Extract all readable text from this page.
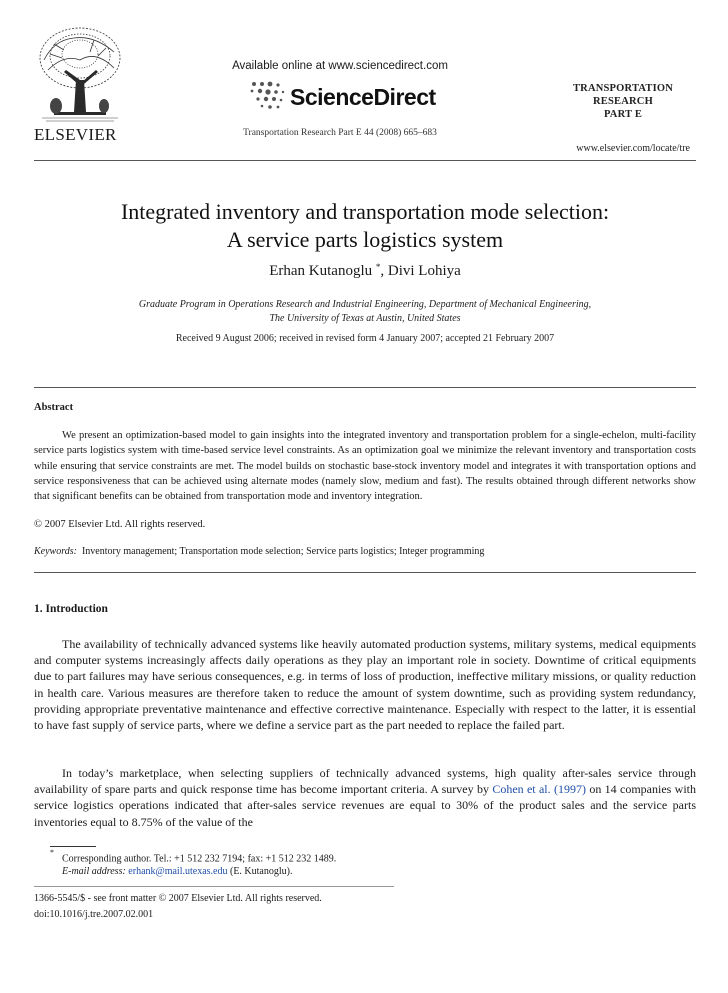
ELSEVIER
Available online at www.sciencedirect.com
ScienceDirect
Transportation Research Part E 44 (2008) 665–683
TRANSPORTATION
RESEARCH
PART E
www.elsevier.com/locate/tre
Integrated inventory and transportation mode selection:
A service parts logistics system
Erhan Kutanoglu *, Divi Lohiya
Graduate Program in Operations Research and Industrial Engineering, Department of Mechanical Engineering,
The University of Texas at Austin, United States
Received 9 August 2006; received in revised form 4 January 2007; accepted 21 February 2007
Abstract
We present an optimization-based model to gain insights into the integrated inventory and transportation problem for a single-echelon, multi-facility service parts logistics system with time-based service level constraints. As an optimization goal we minimize the relevant inventory and transportation costs while ensuring that service constraints are met. The model builds on stochastic base-stock inventory model and integrates it with transportation options and service responsiveness that can be achieved using alternate modes (namely slow, medium and fast). The results obtained through different networks show that significant benefits can be obtained from transportation mode and inventory integration.
© 2007 Elsevier Ltd. All rights reserved.
Keywords: Inventory management; Transportation mode selection; Service parts logistics; Integer programming
1. Introduction
The availability of technically advanced systems like heavily automated production systems, military systems, medical equipments and computer systems increasingly affects daily operations as they play an important role in society. Downtime of critical equipments due to part failures may have serious consequences, e.g. in terms of loss of production, ineffective military missions, or quality reduction in health care. Various measures are therefore taken to reduce the amount of system downtime, such as providing system redundancy, providing appropriate preventative maintenance and effective corrective maintenance. Especially with respect to the latter, it is essential to have fast supply of service parts, where we define a service part as the part needed to replace the failed part.
In today’s marketplace, when selecting suppliers of technically advanced systems, high quality after-sales service through availability of spare parts and quick response time has become important criteria. A survey by Cohen et al. (1997) on 14 companies with service logistics operations indicated that after-sales service revenues are equal to 30% of the product sales and the service parts inventories equal to 8.75% of the value of the
*Corresponding author. Tel.: +1 512 232 7194; fax: +1 512 232 1489.
E-mail address: erhank@mail.utexas.edu (E. Kutanoglu).
1366-5545/$ - see front matter © 2007 Elsevier Ltd. All rights reserved.
doi:10.1016/j.tre.2007.02.001
